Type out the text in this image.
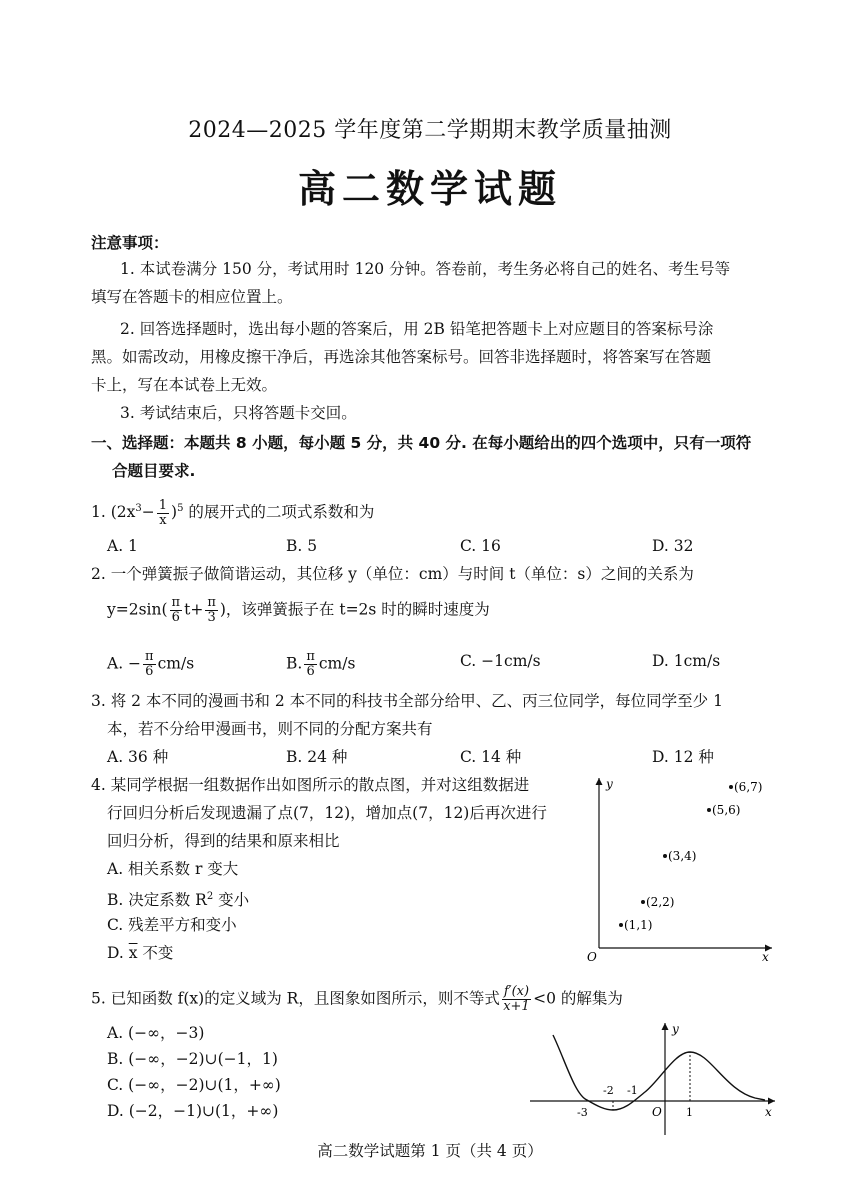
2024—2025 学年度第二学期期末教学质量抽测
高二数学试题
注意事项：
1. 本试卷满分 150 分，考试用时 120 分钟。答卷前，考生务必将自己的姓名、考生号等
填写在答题卡的相应位置上。
2. 回答选择题时，选出每小题的答案后，用 2B 铅笔把答题卡上对应题目的答案标号涂
黑。如需改动，用橡皮擦干净后，再选涂其他答案标号。回答非选择题时，将答案写在答题
卡上，写在本试卷上无效。
3. 考试结束后，只将答题卡交回。
一、选择题：本题共 8 小题，每小题 5 分，共 40 分. 在每小题给出的四个选项中，只有一项符
合题目要求.
1. $(2x^3- \frac{1}{x} )^5$ 的展开式的二项式系数和为
A. 1	B. 5	C. 16	D. 32
2. 一个弹簧振子做简谐运动，其位移 y（单位：cm）与时间 t（单位：s）之间的关系为
$y=2\sin( \frac{\pi}{6} t+ \frac{\pi}{3}$ )，该弹簧振子在 t=2s 时的瞬时速度为
A. − $\frac{\pi}{6} cm/s$	B. $\frac{\pi}{6} cm/s$	C. −1cm/s	D. 1cm/s
3. 将 2 本不同的漫画书和 2 本不同的科技书全部分给甲、乙、丙三位同学，每位同学至少 1
本，若不分给甲漫画书，则不同的分配方案共有
A. 36 种	B. 24 种	C. 14 种	D. 12 种
4. 某同学根据一组数据作出如图所示的散点图，并对这组数据进
行回归分析后发现遗漏了点(7，12)，增加点(7，12)后再次进行
回归分析，得到的结果和原来相比
A. 相关系数 r 变大
B. 决定系数 $R^2$ 变小
C. 残差平方和变小
D. $\overline{x}$ 不变
y
x
O
(1,1)
(2,2)
(3,4)
(5,6)
(6,7)
5. 已知函数 f(x)的定义域为 R，且图象如图所示，则不等式 $\frac{f'(x)}{x+1} <0$ 的解集为
A. (−∞，−3)
B. (−∞，−2)∪(−1，1)
C. (−∞，−2)∪(1，+∞)
D. (−2，−1)∪(1，+∞)
y
x
O
-3
-2 -1
1
高二数学试题第 1 页（共 4 页）
